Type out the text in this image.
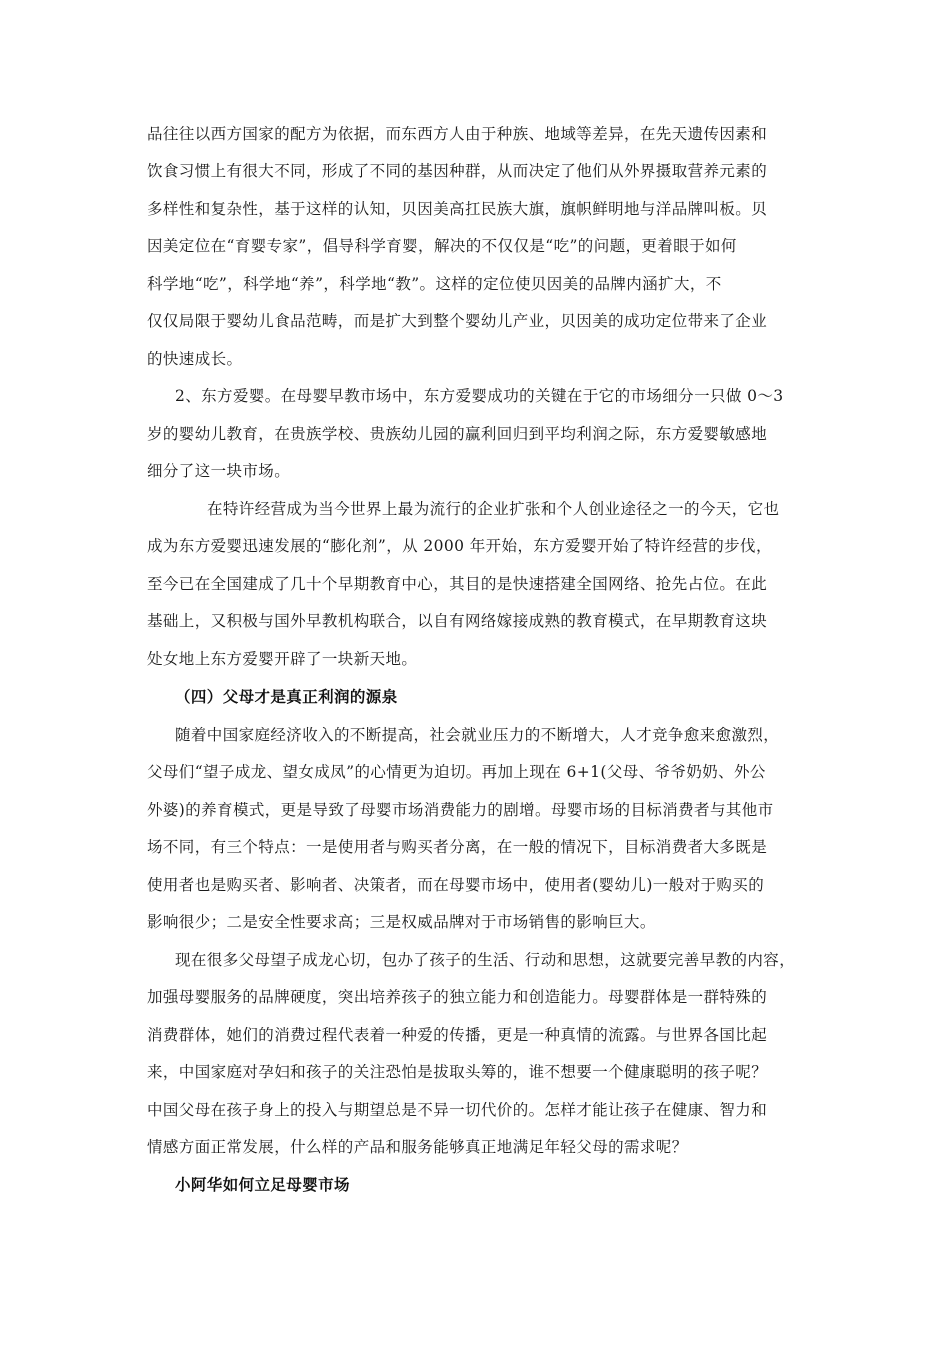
品往往以西方国家的配方为依据，而东西方人由于种族、地域等差异，在先天遗传因素和
饮食习惯上有很大不同，形成了不同的基因种群，从而决定了他们从外界摄取营养元素的
多样性和复杂性，基于这样的认知，贝因美高扛民族大旗，旗帜鲜明地与洋品牌叫板。贝
因美定位在“育婴专家”，倡导科学育婴，解决的不仅仅是“吃”的问题，更着眼于如何
科学地“吃”，科学地“养”，科学地“教”。这样的定位使贝因美的品牌内涵扩大，不
仅仅局限于婴幼儿食品范畴，而是扩大到整个婴幼儿产业，贝因美的成功定位带来了企业
的快速成长。
2、东方爱婴。在母婴早教市场中，东方爱婴成功的关键在于它的市场细分一只做 0～3
岁的婴幼儿教育，在贵族学校、贵族幼儿园的赢利回归到平均利润之际，东方爱婴敏感地
细分了这一块市场。
在特许经营成为当今世界上最为流行的企业扩张和个人创业途径之一的今天，它也
成为东方爱婴迅速发展的“膨化剂”，从 2000 年开始，东方爱婴开始了特许经营的步伐，
至今已在全国建成了几十个早期教育中心，其目的是快速搭建全国网络、抢先占位。在此
基础上，又积极与国外早教机构联合，以自有网络嫁接成熟的教育模式，在早期教育这块
处女地上东方爱婴开辟了一块新天地。
（四）父母才是真正利润的源泉
随着中国家庭经济收入的不断提高，社会就业压力的不断增大，人才竞争愈来愈激烈，
父母们“望子成龙、望女成凤”的心情更为迫切。再加上现在 6+1(父母、爷爷奶奶、外公
外婆)的养育模式，更是导致了母婴市场消费能力的剧增。母婴市场的目标消费者与其他市
场不同，有三个特点：一是使用者与购买者分离，在一般的情况下，目标消费者大多既是
使用者也是购买者、影响者、决策者，而在母婴市场中，使用者(婴幼儿)一般对于购买的
影响很少；二是安全性要求高；三是权威品牌对于市场销售的影响巨大。
现在很多父母望子成龙心切，包办了孩子的生活、行动和思想，这就要完善早教的内容，
加强母婴服务的品牌硬度，突出培养孩子的独立能力和创造能力。母婴群体是一群特殊的
消费群体，她们的消费过程代表着一种爱的传播，更是一种真情的流露。与世界各国比起
来，中国家庭对孕妇和孩子的关注恐怕是拔取头筹的，谁不想要一个健康聪明的孩子呢？
中国父母在孩子身上的投入与期望总是不异一切代价的。怎样才能让孩子在健康、智力和
情感方面正常发展，什么样的产品和服务能够真正地满足年轻父母的需求呢？
小阿华如何立足母婴市场
